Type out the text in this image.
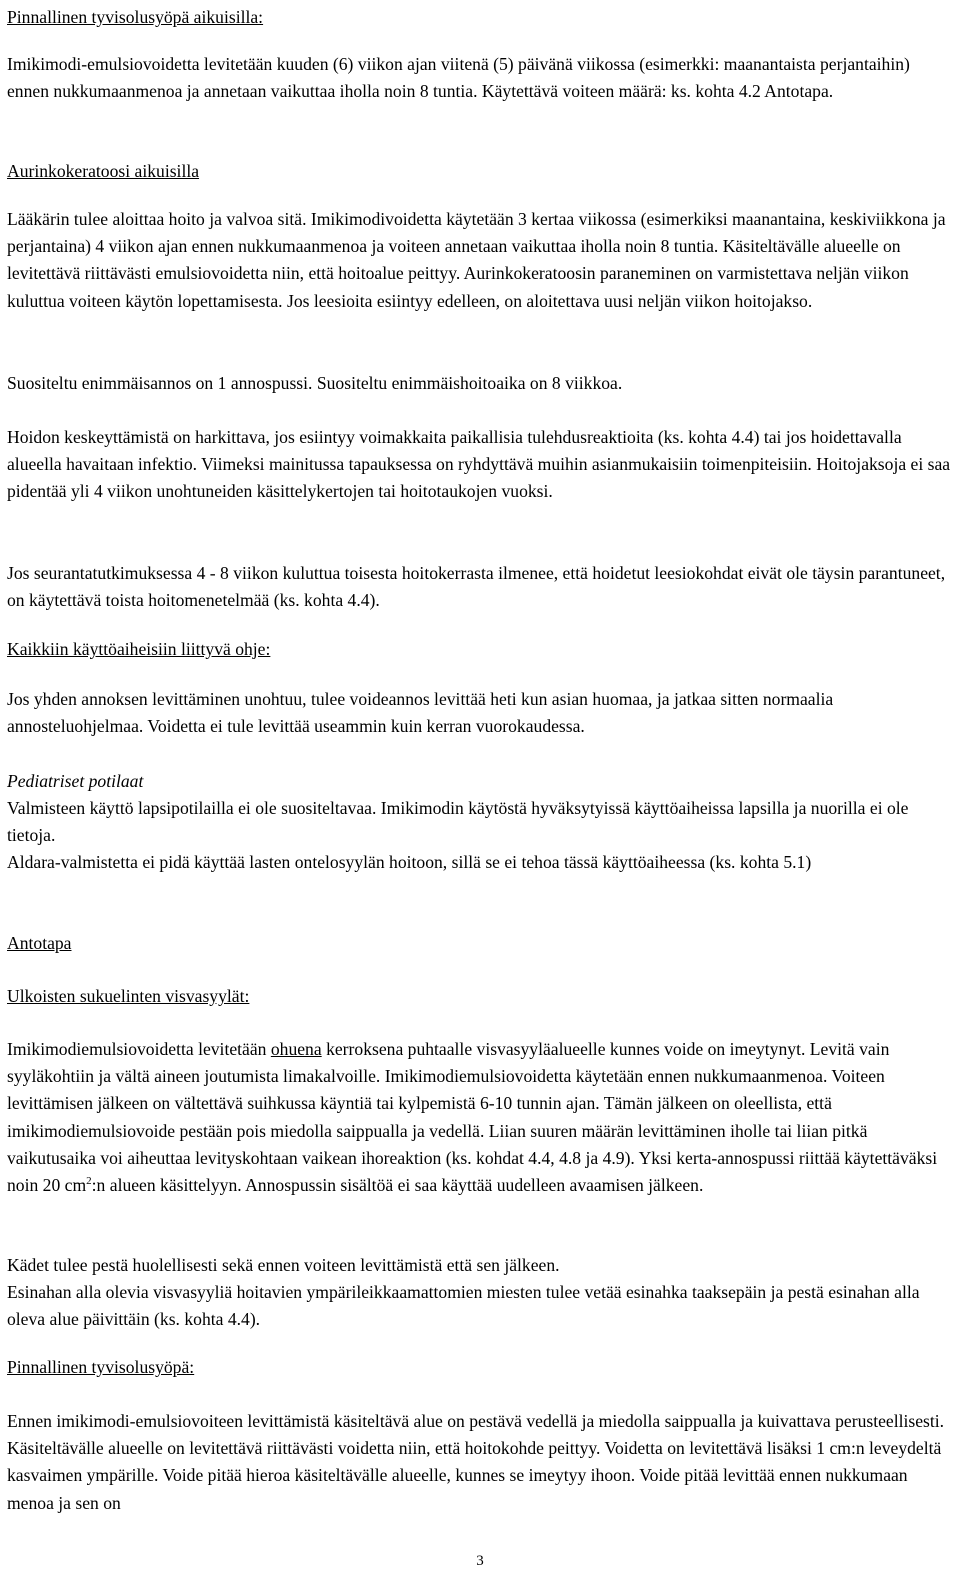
Pinnallinen tyvisolusyöpä aikuisilla:

Imikimodi-emulsiovoidetta levitetään kuuden (6) viikon ajan viitenä (5) päivänä viikossa (esimerkki: maanantaista perjantaihin) ennen nukkumaanmenoa ja annetaan vaikuttaa iholla noin 8 tuntia. Käytettävä voiteen määrä: ks. kohta 4.2 Antotapa.

Aurinkokeratoosi aikuisilla

Lääkärin tulee aloittaa hoito ja valvoa sitä. Imikimodivoidetta käytetään 3 kertaa viikossa (esimerkiksi maanantaina, keskiviikkona ja perjantaina) 4 viikon ajan ennen nukkumaanmenoa ja voiteen annetaan vaikuttaa iholla noin 8 tuntia. Käsiteltävälle alueelle on levitettävä riittävästi emulsiovoidetta niin, että hoitoalue peittyy. Aurinkokeratoosin paraneminen on varmistettava neljän viikon kuluttua voiteen käytön lopettamisesta. Jos leesioita esiintyy edelleen, on aloitettava uusi neljän viikon hoitojakso.

Suositeltu enimmäisannos on 1 annospussi. Suositeltu enimmäishoitoaika on 8 viikkoa.

Hoidon keskeyttämistä on harkittava, jos esiintyy voimakkaita paikallisia tulehdusreaktioita (ks. kohta 4.4) tai jos hoidettavalla alueella havaitaan infektio. Viimeksi mainitussa tapauksessa on ryhdyttävä muihin asianmukaisiin toimenpiteisiin. Hoitojaksoja ei saa pidentää yli 4 viikon unohtuneiden käsittelykertojen tai hoitotaukojen vuoksi.

Jos seurantatutkimuksessa 4 - 8 viikon kuluttua toisesta hoitokerrasta ilmenee, että hoidetut leesiokohdat eivät ole täysin parantuneet, on käytettävä toista hoitomenetelmää (ks. kohta 4.4).

Kaikkiin käyttöaiheisiin liittyvä ohje:

Jos yhden annoksen levittäminen unohtuu, tulee voideannos levittää heti kun asian huomaa, ja jatkaa sitten normaalia annosteluohjelmaa. Voidetta ei tule levittää useammin kuin kerran vuorokaudessa.

Pediatriset potilaat

Valmisteen käyttö lapsipotilailla ei ole suositeltavaa. Imikimodin käytöstä hyväksytyissä käyttöaiheissa lapsilla ja nuorilla ei ole tietoja.

Aldara-valmistetta ei pidä käyttää lasten ontelosyylän hoitoon, sillä se ei tehoa tässä käyttöaiheessa (ks. kohta 5.1)

Antotapa

Ulkoisten sukuelinten visvasyylät:

Imikimodiemulsiovoidetta levitetään ohuena kerroksena puhtaalle visvasyyläalueelle kunnes voide on imeytynyt. Levitä vain syyläkohtiin ja vältä aineen joutumista limakalvoille. Imikimodiemulsiovoidetta käytetään ennen nukkumaanmenoa. Voiteen levittämisen jälkeen on vältettävä suihkussa käyntiä tai kylpemistä 6-10 tunnin ajan. Tämän jälkeen on oleellista, että imikimodiemulsiovoide pestään pois miedolla saippualla ja vedellä. Liian suuren määrän levittäminen iholle tai liian pitkä vaikutusaika voi aiheuttaa levityskohtaan vaikean ihoreaktion (ks. kohdat 4.4, 4.8 ja 4.9). Yksi kerta-annospussi riittää käytettäväksi noin 20 $cm^2:n$ alueen käsittelyyn. Annospussin sisältöä ei saa käyttää uudelleen avaamisen jälkeen.

Kädet tulee pestä huolellisesti sekä ennen voiteen levittämistä että sen jälkeen.

Esinahan alla olevia visvasyyliä hoitavien ympärileikkaamattomien miesten tulee vetää esinahka taaksepäin ja pestä esinahan alla oleva alue päivittäin (ks. kohta 4.4).

Pinnallinen tyvisolusyöpä:

Ennen imikimodi-emulsiovoiteen levittämistä käsiteltävä alue on pestävä vedellä ja miedolla saippualla ja kuivattava perusteellisesti. Käsiteltävälle alueelle on levitettävä riittävästi voidetta niin, että hoitokohde peittyy. Voidetta on levitettävä lisäksi 1 cm:n leveydeltä kasvaimen ympärille. Voide pitää hieroa käsiteltävälle alueelle, kunnes se imeytyy ihoon. Voide pitää levittää ennen nukkumaan menoa ja sen on

3
